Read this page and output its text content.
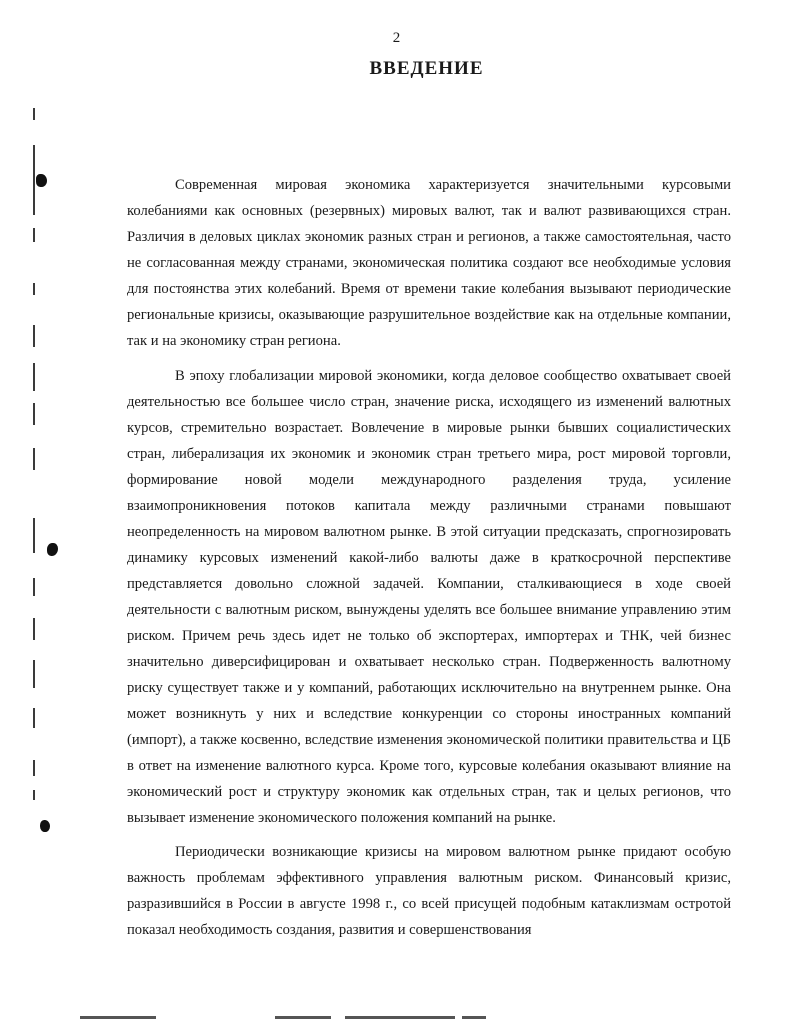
2
ВВЕДЕНИЕ

Современная мировая экономика характеризуется значительными курсовыми колебаниями как основных (резервных) мировых валют, так и валют развивающихся стран. Различия в деловых циклах экономик разных стран и регионов, а также самостоятельная, часто не согласованная между странами, экономическая политика создают все необходимые условия для постоянства этих колебаний. Время от времени такие колебания вызывают периодические региональные кризисы, оказывающие разрушительное воздействие как на отдельные компании, так и на экономику стран региона.

В эпоху глобализации мировой экономики, когда деловое сообщество охватывает своей деятельностью все большее число стран, значение риска, исходящего из изменений валютных курсов, стремительно возрастает. Вовлечение в мировые рынки бывших социалистических стран, либерализация их экономик и экономик стран третьего мира, рост мировой торговли, формирование новой модели международного разделения труда, усиление взаимопроникновения потоков капитала между различными странами повышают неопределенность на мировом валютном рынке. В этой ситуации предсказать, спрогнозировать динамику курсовых изменений какой-либо валюты даже в краткосрочной перспективе представляется довольно сложной задачей. Компании, сталкивающиеся в ходе своей деятельности с валютным риском, вынуждены уделять все большее внимание управлению этим риском. Причем речь здесь идет не только об экспортерах, импортерах и ТНК, чей бизнес значительно диверсифицирован и охватывает несколько стран. Подверженность валютному риску существует также и у компаний, работающих исключительно на внутреннем рынке. Она может возникнуть у них и вследствие конкуренции со стороны иностранных компаний (импорт), а также косвенно, вследствие изменения экономической политики правительства и ЦБ в ответ на изменение валютного курса. Кроме того, курсовые колебания оказывают влияние на экономический рост и структуру экономик как отдельных стран, так и целых регионов, что вызывает изменение экономического положения компаний на рынке.

Периодически возникающие кризисы на мировом валютном рынке придают особую важность проблемам эффективного управления валютным риском. Финансовый кризис, разразившийся в России в августе 1998 г., со всей присущей подобным катаклизмам остротой показал необходимость создания, развития и совершенствования
